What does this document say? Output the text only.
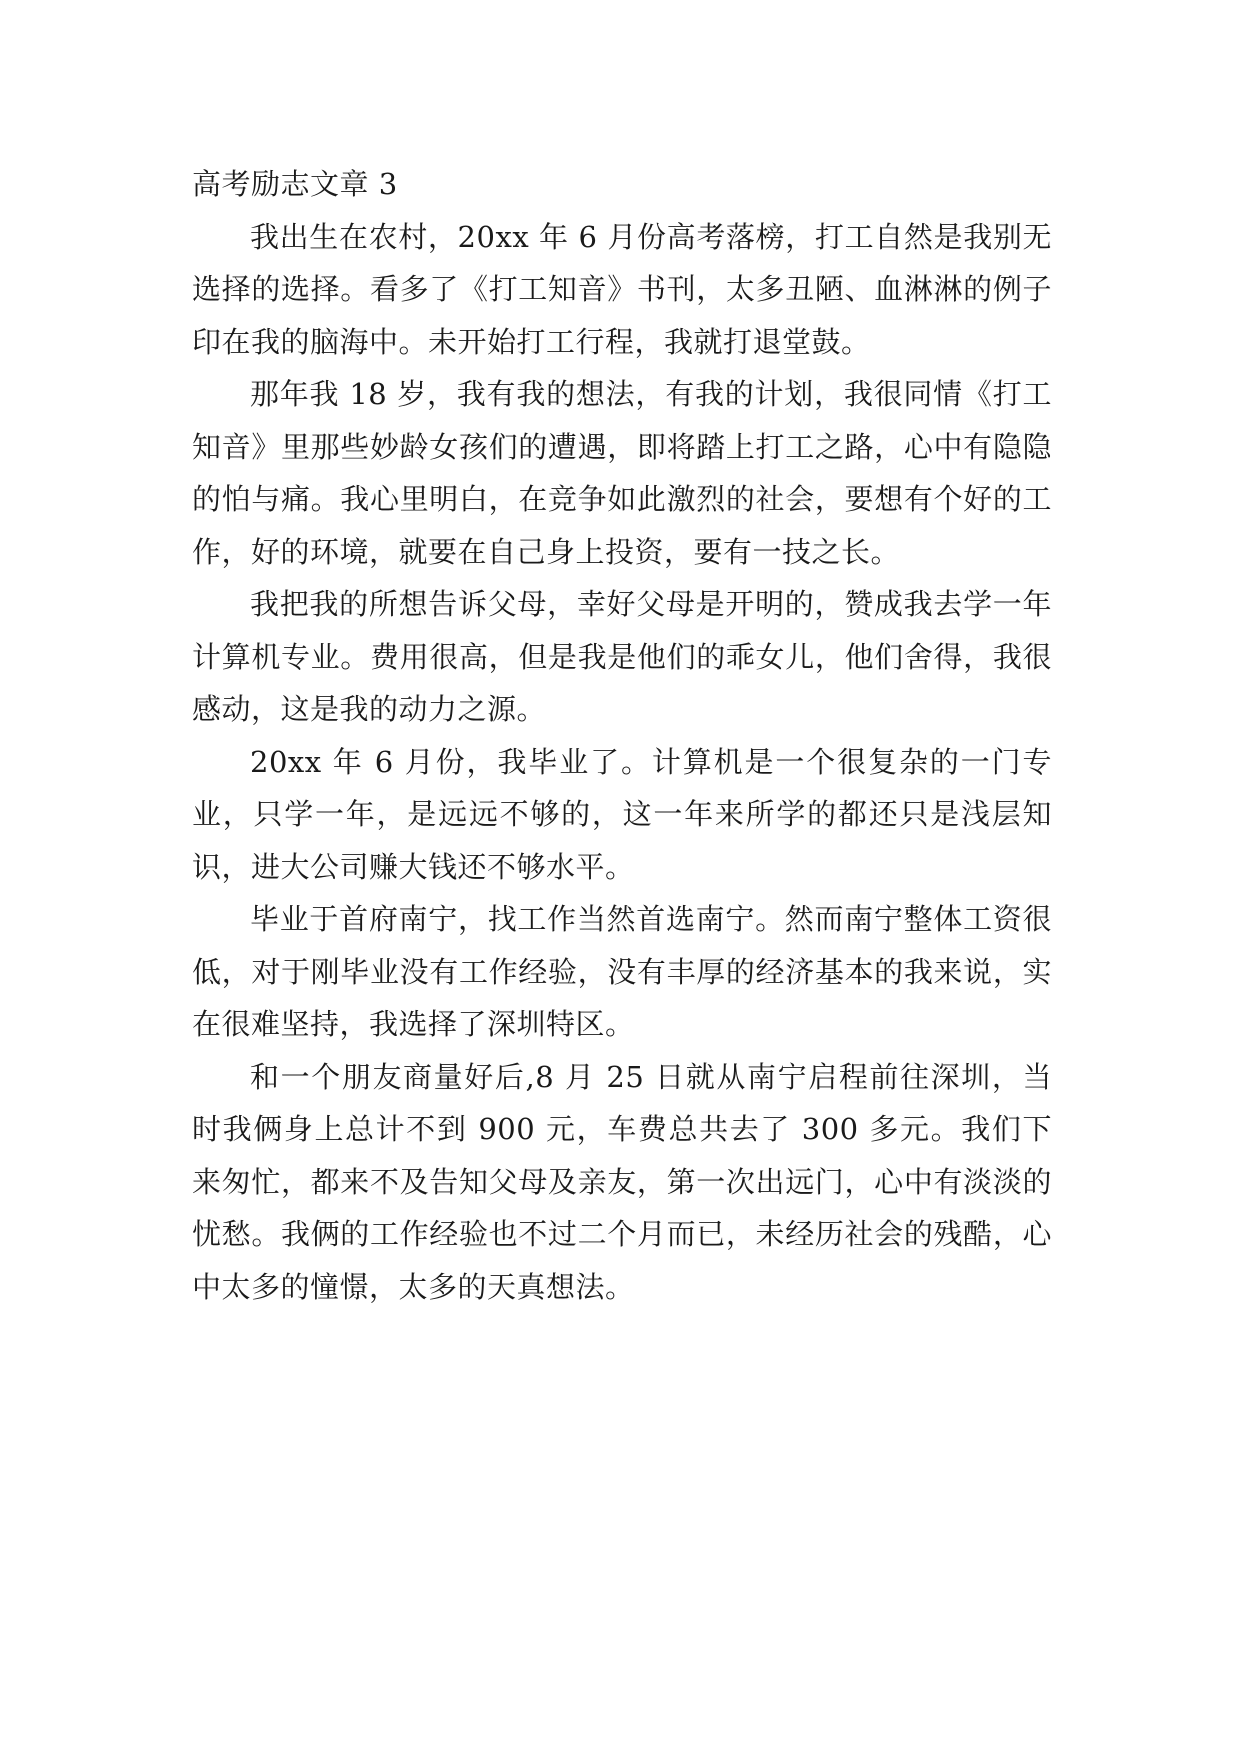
高考励志文章 3

我出生在农村，20xx 年 6 月份高考落榜，打工自然是我别无选择的选择。看多了《打工知音》书刊，太多丑陋、血淋淋的例子印在我的脑海中。未开始打工行程，我就打退堂鼓。

那年我 18 岁，我有我的想法，有我的计划，我很同情《打工知音》里那些妙龄女孩们的遭遇，即将踏上打工之路，心中有隐隐的怕与痛。我心里明白，在竞争如此激烈的社会，要想有个好的工作，好的环境，就要在自己身上投资，要有一技之长。

我把我的所想告诉父母，幸好父母是开明的，赞成我去学一年计算机专业。费用很高，但是我是他们的乖女儿，他们舍得，我很感动，这是我的动力之源。

20xx 年 6 月份，我毕业了。计算机是一个很复杂的一门专业，只学一年，是远远不够的，这一年来所学的都还只是浅层知识，进大公司赚大钱还不够水平。

毕业于首府南宁，找工作当然首选南宁。然而南宁整体工资很低，对于刚毕业没有工作经验，没有丰厚的经济基本的我来说，实在很难坚持，我选择了深圳特区。

和一个朋友商量好后,8 月 25 日就从南宁启程前往深圳，当时我俩身上总计不到 900 元，车费总共去了 300 多元。我们下来匆忙，都来不及告知父母及亲友，第一次出远门，心中有淡淡的忧愁。我俩的工作经验也不过二个月而已，未经历社会的残酷，心中太多的憧憬，太多的天真想法。
